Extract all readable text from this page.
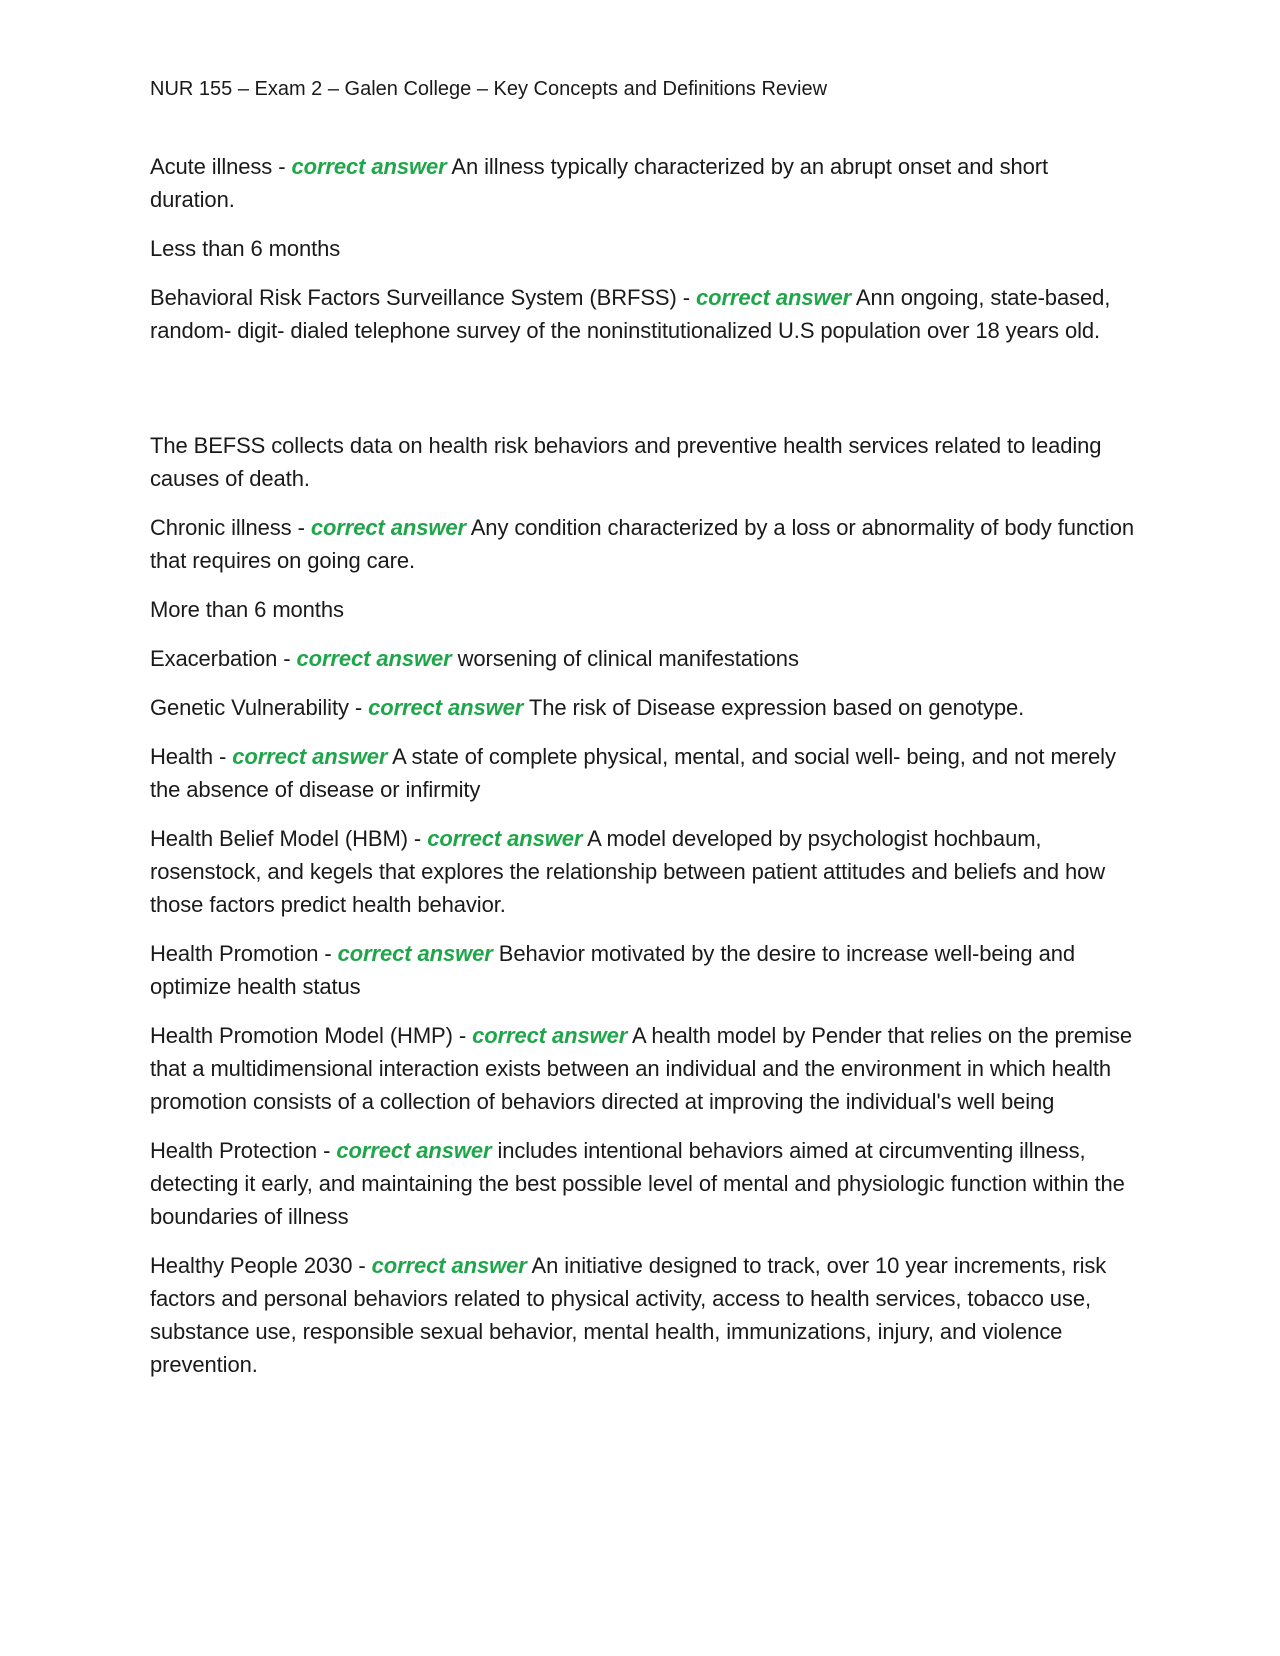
NUR 155 – Exam 2 – Galen College – Key Concepts and Definitions Review

Acute illness - correct answer An illness typically characterized by an abrupt onset and short duration.

Less than 6 months

Behavioral Risk Factors Surveillance System (BRFSS) - correct answer Ann ongoing, state-based, random- digit- dialed telephone survey of the noninstitutionalized U.S population over 18 years old.

The BEFSS collects data on health risk behaviors and preventive health services related to leading causes of death.

Chronic illness - correct answer Any condition characterized by a loss or abnormality of body function that requires on going care.

More than 6 months

Exacerbation - correct answer worsening of clinical manifestations

Genetic Vulnerability - correct answer The risk of Disease expression based on genotype.

Health - correct answer A state of complete physical, mental, and social well- being, and not merely the absence of disease or infirmity

Health Belief Model (HBM) - correct answer A model developed by psychologist hochbaum, rosenstock, and kegels that explores the relationship between patient attitudes and beliefs and how those factors predict health behavior.

Health Promotion - correct answer Behavior motivated by the desire to increase well-being and optimize health status

Health Promotion Model (HMP) - correct answer A health model by Pender that relies on the premise that a multidimensional interaction exists between an individual and the environment in which health promotion consists of a collection of behaviors directed at improving the individual's well being

Health Protection - correct answer includes intentional behaviors aimed at circumventing illness, detecting it early, and maintaining the best possible level of mental and physiologic function within the boundaries of illness

Healthy People 2030 - correct answer An initiative designed to track, over 10 year increments, risk factors and personal behaviors related to physical activity, access to health services, tobacco use, substance use, responsible sexual behavior, mental health, immunizations, injury, and violence prevention.
